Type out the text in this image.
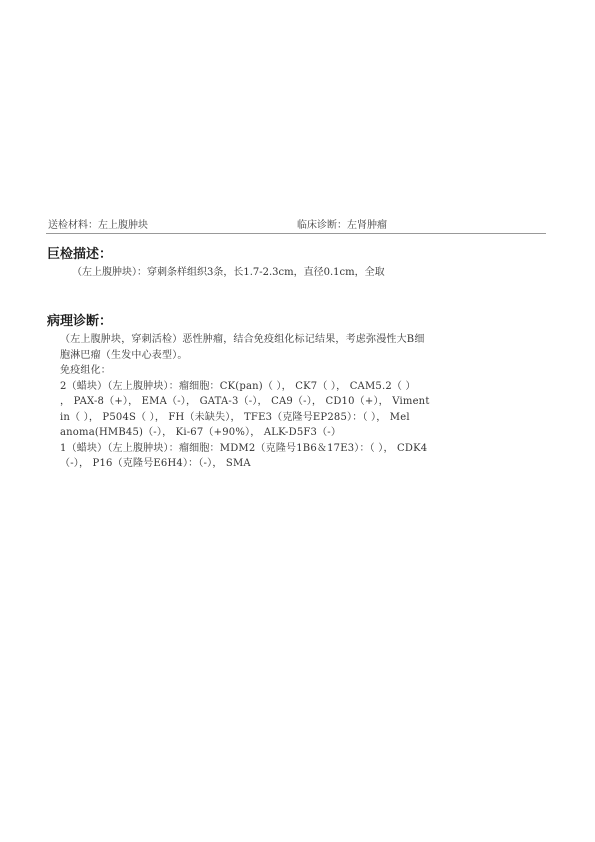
送检材料：左上腹肿块	临床诊断：左肾肿瘤
巨检描述：
（左上腹肿块）：穿刺条样组织3条，长1.7-2.3cm，直径0.1cm，全取
病理诊断：
（左上腹肿块，穿刺活检）恶性肿瘤，结合免疫组化标记结果，考虑弥漫性大B细
胞淋巴瘤（生发中心表型）。
免疫组化：
2（蜡块）（左上腹肿块）：瘤细胞：CK(pan)（ ）， CK7（ ）， CAM5.2（ ）
， PAX-8（+）， EMA（-）， GATA-3（-）， CA9（-）， CD10（+）， Viment
in（ ）， P504S（ ）， FH（未缺失）， TFE3（克隆号EP285）：（ ）， Mel
anoma(HMB45)（-）， Ki-67（+90%）， ALK-D5F3（-）
1（蜡块）（左上腹肿块）：瘤细胞：MDM2（克隆号1B6＆17E3）：（ ）， CDK4
（-）， P16（克隆号E6H4）：（-）， SMA
